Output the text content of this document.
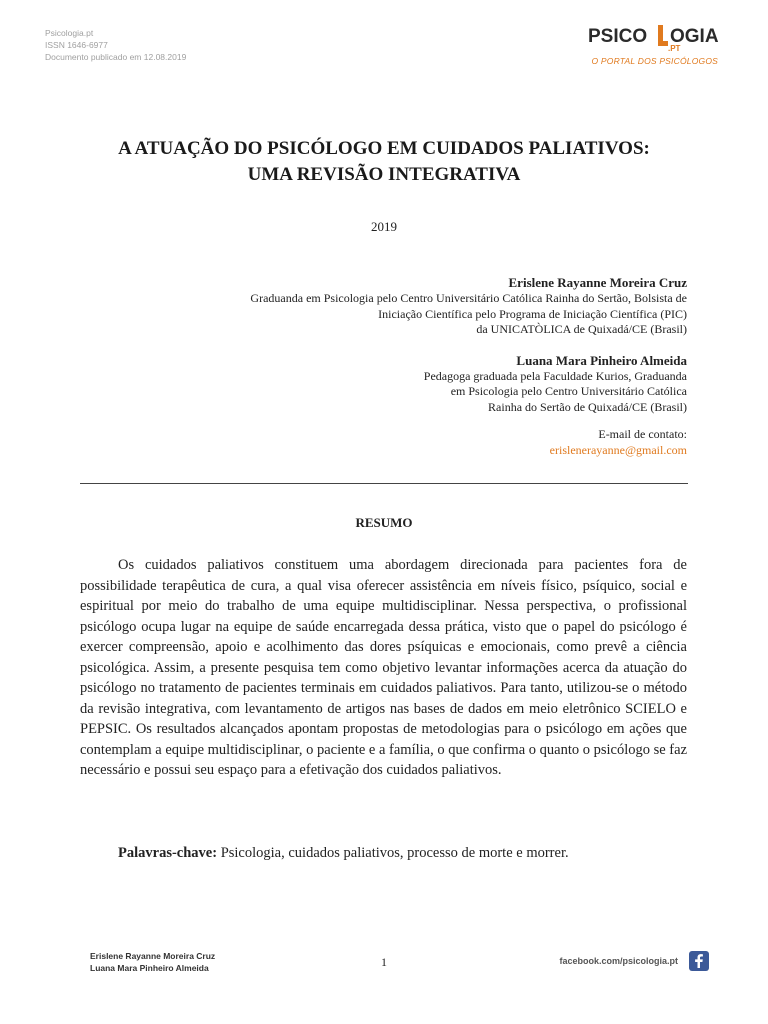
Psicologia.pt
ISSN 1646-6977
Documento publicado em 12.08.2019
PSICO OGIA
.PT
O PORTAL DOS PSICÓLOGOS
A ATUAÇÃO DO PSICÓLOGO EM CUIDADOS PALIATIVOS:
UMA REVISÃO INTEGRATIVA
2019
Erislene Rayanne Moreira Cruz
Graduanda em Psicologia pelo Centro Universitário Católica Rainha do Sertão, Bolsista de
Iniciação Científica pelo Programa de Iniciação Científica (PIC)
da UNICATÒLICA de Quixadá/CE (Brasil)
Luana Mara Pinheiro Almeida
Pedagoga graduada pela Faculdade Kurios, Graduanda
em Psicologia pelo Centro Universitário Católica
Rainha do Sertão de Quixadá/CE (Brasil)
E-mail de contato:
erislenerayanne@gmail.com
RESUMO

Os cuidados paliativos constituem uma abordagem direcionada para pacientes fora de possibilidade terapêutica de cura, a qual visa oferecer assistência em níveis físico, psíquico, social e espiritual por meio do trabalho de uma equipe multidisciplinar. Nessa perspectiva, o profissional psicólogo ocupa lugar na equipe de saúde encarregada dessa prática, visto que o papel do psicólogo é exercer compreensão, apoio e acolhimento das dores psíquicas e emocionais, como prevê a ciência psicológica. Assim, a presente pesquisa tem como objetivo levantar informações acerca da atuação do psicólogo no tratamento de pacientes terminais em cuidados paliativos. Para tanto, utilizou-se o método da revisão integrativa, com levantamento de artigos nas bases de dados em meio eletrônico SCIELO e PEPSIC. Os resultados alcançados apontam propostas de metodologias para o psicólogo em ações que contemplam a equipe multidisciplinar, o paciente e a família, o que confirma o quanto o psicólogo se faz necessário e possui seu espaço para a efetivação dos cuidados paliativos.

Palavras-chave: Psicologia, cuidados paliativos, processo de morte e morrer.
Erislene Rayanne Moreira Cruz
Luana Mara Pinheiro Almeida	1	facebook.com/psicologia.pt
